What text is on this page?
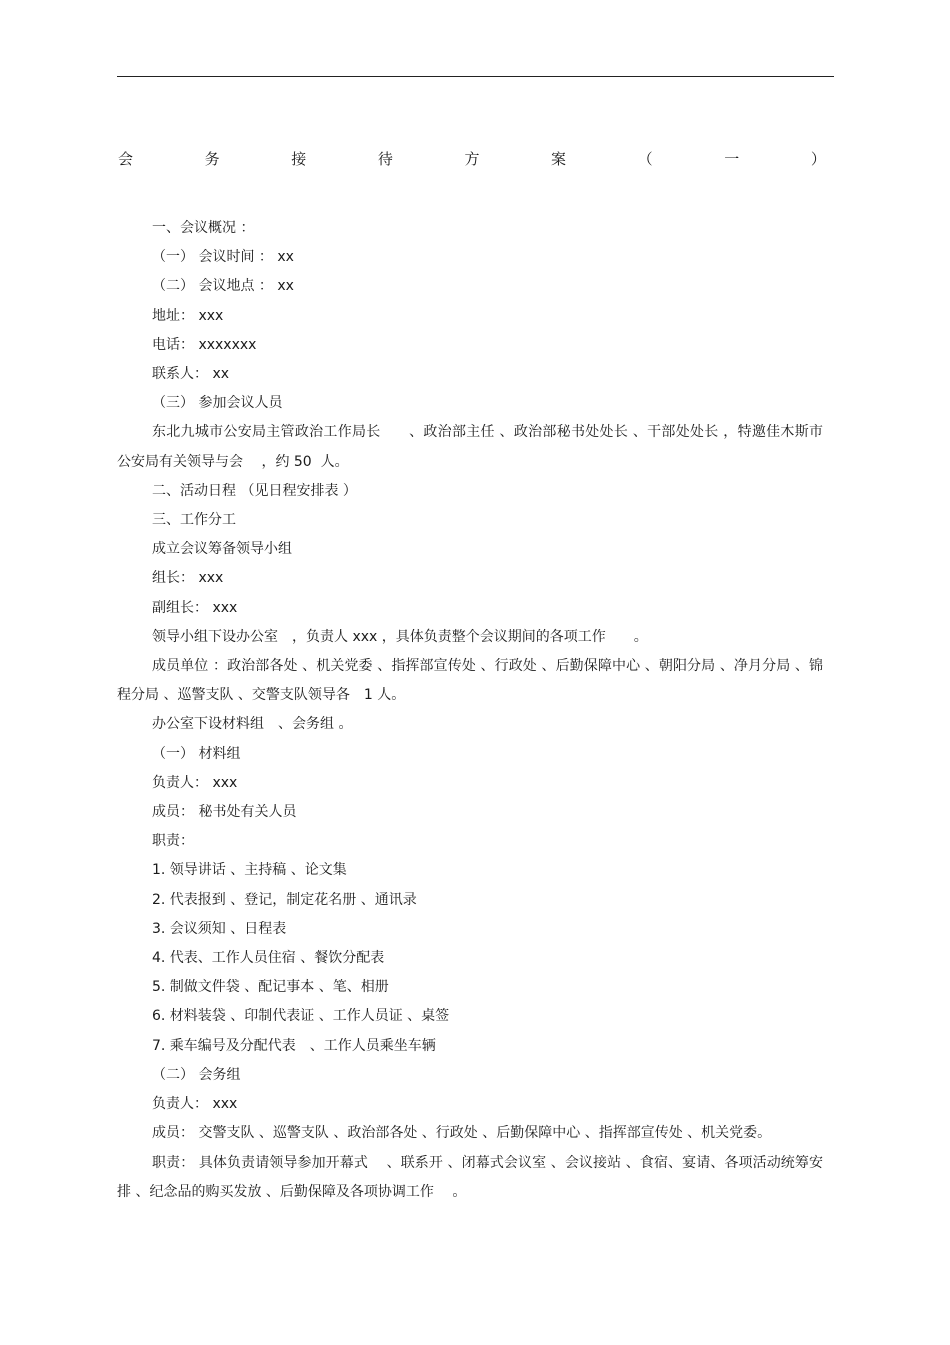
会	务	接	待	方	案	（	一	）

一、会议概况 ：

（一） 会议时间 ： xx

（二） 会议地点 ： xx

地址： xxx

电话： xxxxxxx

联系人： xx

（三） 参加会议人员

东北九城市公安局主管政治工作局长　　、政治部主任 、政治部秘书处处长 、干部处处长 ，特邀佳木斯市公安局有关领导与会　 ，约 50  人。

二、活动日程 （见日程安排表 ）

三、工作分工

成立会议筹备领导小组

组长： xxx

副组长： xxx

领导小组下设办公室　，负责人 xxx ，具体负责整个会议期间的各项工作　　。

成员单位 ：政治部各处 、机关党委 、指挥部宣传处 、行政处 、后勤保障中心 、朝阳分局 、净月分局 、锦程分局 、巡警支队 、交警支队领导各　1 人。

办公室下设材料组　、会务组 。

（一） 材料组

负责人： xxx

成员： 秘书处有关人员

职责：

1. 领导讲话 、主持稿 、论文集

2. 代表报到 、登记，制定花名册 、通讯录

3. 会议须知 、日程表

4. 代表、工作人员住宿 、餐饮分配表

5. 制做文件袋 、配记事本 、笔、相册

6. 材料装袋 、印制代表证 、工作人员证 、桌签

7. 乘车编号及分配代表　、工作人员乘坐车辆

（二） 会务组

负责人： xxx

成员： 交警支队 、巡警支队 、政治部各处 、行政处 、后勤保障中心 、指挥部宣传处 、机关党委。

职责： 具体负责请领导参加开幕式　 、联系开 、闭幕式会议室 、会议接站 、食宿、宴请、各项活动统筹安排 、纪念品的购买发放 、后勤保障及各项协调工作　 。
